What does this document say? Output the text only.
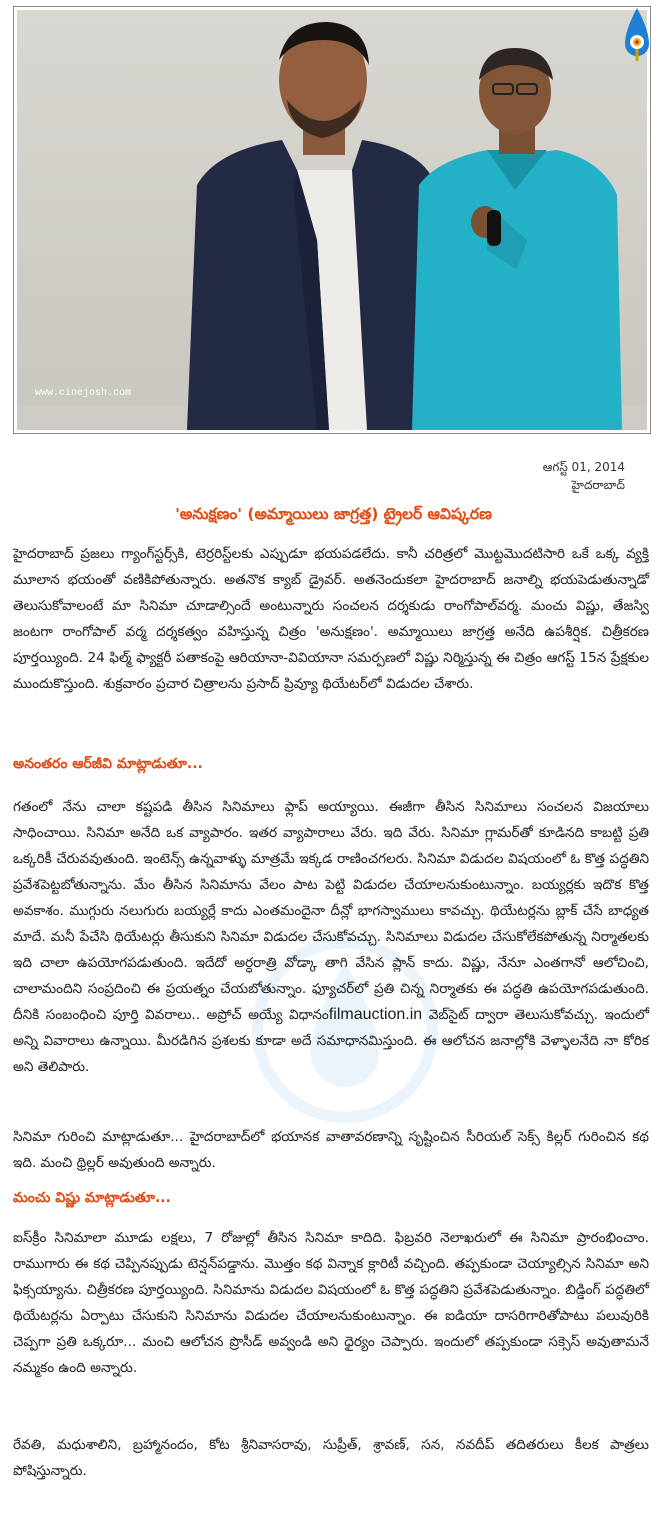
www.cinejosh.com
ఆగస్ట్ 01, 2014
హైదరాబాద్
'అనుక్షణం' (అమ్మాయిలు జాగ్రత్త) ట్రైలర్ ఆవిష్కరణ

హైదరాబాద్ ప్రజలు గ్యాంగ్‌స్టర్స్‌కి, టెర్రరిస్ట్‌లకు ఎప్పుడూ భయపడలేదు. కానీ చరిత్రలో మొట్టమొదటిసారి ఒకే ఒక్క వ్యక్తి మూలాన భయంతో వణికిపోతున్నారు. అతనొక క్యాబ్ డ్రైవర్. అతనెందుకలా హైదరాబాద్ జనాల్ని భయపెడుతున్నాడో తెలుసుకోవాలంటే మా సినిమా చూడాల్సిందే అంటున్నారు సంచలన దర్శకుడు రాంగోపాల్‌వర్మ. మంచు విష్ణు, తేజస్వి జంటగా రాంగోపాల్ వర్మ దర్శకత్వం వహిస్తున్న చిత్రం 'అనుక్షణం'. అమ్మాయిలు జాగ్రత్త అనేది ఉపశీర్షిక. చిత్రీకరణ పూర్తయ్యింది. 24 ఫిల్మ్ ఫ్యాక్టరీ పతాకంపై ఆరియానా-వివియానా సమర్పణలో విష్ణు నిర్మిస్తున్న ఈ చిత్రం ఆగస్ట్ 15న ప్రేక్షకుల ముందుకొస్తుంది. శుక్రవారం ప్రచార చిత్రాలను ప్రసాద్ ప్రివ్యూ థియేటర్‌లో విడుదల చేశారు.

అనంతరం ఆర్‌జీవి మాట్లాడుతూ...

గతంలో నేను చాలా కష్టపడి తీసిన సినిమాలు ఫ్లాప్ అయ్యాయి. ఈజీగా తీసిన సినిమాలు సంచలన విజయాలు సాధించాయి. సినిమా అనేది ఒక వ్యాపారం. ఇతర వ్యాపారాలు వేరు. ఇది వేరు. సినిమా గ్లామర్‌తో కూడినది కాబట్టి ప్రతి ఒక్కరికీ చేరువవుతుంది. ఇంటెన్స్ ఉన్నవాళ్ళు మాత్రమే ఇక్కడ రాణించగలరు. సినిమా విడుదల విషయంలో ఓ కొత్త పద్ధతిని ప్రవేశపెట్టబోతున్నాను. మేం తీసిన సినిమాను వేలం పాట పెట్టి విడుదల చేయాలనుకుంటున్నాం. బయ్యర్లకు ఇదొక కొత్త అవకాశం. ముగ్గురు నలుగురు బయ్యర్లే కాదు ఎంతమందైనా దీన్లో భాగస్వాములు కావచ్చు. థియేటర్లను బ్లాక్ చేసే బాధ్యత మాదే. మనీ పేచేసి థియేటర్లు తీసుకుని సినిమా విడుదల చేసుకోవచ్చు. సినిమాలు విడుదల చేసుకోలేకపోతున్న నిర్మాతలకు ఇది చాలా ఉపయోగపడుతుంది. ఇదేదో అర్ధరాత్రి వోడ్కా తాగి వేసిన ప్లాన్ కాదు. విష్ణు, నేనూ ఎంతగానో ఆలోచించి, చాలామందిని సంప్రదించి ఈ ప్రయత్నం చేయబోతున్నాం. ఫ్యూచర్‌లో ప్రతి చిన్న నిర్మాతకు ఈ పద్ధతి ఉపయోగపడుతుంది. దీనికి సంబంధించి పూర్తి వివరాలు.. అప్రోచ్ అయ్యే విధానంfilmauction.in వెబ్‌సైట్ ద్వారా తెలుసుకోవచ్చు. ఇందులో అన్ని వివారాలు ఉన్నాయి. మీరడిగిన ప్రశలకు కూడా అదే సమాధానమిస్తుంది. ఈ ఆలోచన జనాల్లోకి వెళ్ళాలనేది నా కోరిక అని తెలిపారు.

సినిమా గురించి మాట్లాడుతూ... హైదరాబాద్‌లో భయానక వాతావరణాన్ని సృష్టించిన సీరియల్ సెక్స్ కిల్లర్ గురించిన కథ ఇది. మంచి థ్రిల్లర్ అవుతుంది అన్నారు.

మంచు విష్ణు మాట్లాడుతూ...

ఐస్‌క్రీం సినిమాలా మూడు లక్షలు, 7 రోజుల్లో తీసిన సినిమా కాదిది. ఫిబ్రవరి నెలాఖరులో ఈ సినిమా ప్రారంభించాం. రాముగారు ఈ కథ చెప్పినప్పుడు టెన్షన్‌పడ్డాను. మొత్తం కథ విన్నాక క్లారిటీ వచ్చింది. తప్పకుండా చెయ్యాల్సిన సినిమా అని ఫిక్సయ్యాను. చిత్రీకరణ పూర్తయ్యింది. సినిమాను విడుదల విషయంలో ఓ కొత్త పద్ధతిని ప్రవేశపెడుతున్నాం. బిడ్డింగ్ పద్ధతిలో థియేటర్లను ఏర్పాటు చేసుకుని సినిమాను విడుదల చేయాలనుకుంటున్నాం. ఈ ఐడియా దాసరిగారితోపాటు పలువురికి చెప్పగా ప్రతి ఒక్కరూ... మంచి ఆలోచన ప్రొసీడ్ అవ్వండి అని ధైర్యం చెప్పారు. ఇందులో తప్పకుండా సక్సెస్ అవుతామనే నమ్మకం ఉంది అన్నారు.

రేవతి, మధుశాలిని, బ్రహ్మానందం, కోట శ్రీనివాసరావు, సుప్రీత్, శ్రావణ్, సన, నవదీప్ తదితరులు కీలక పాత్రలు పోషిస్తున్నారు.
